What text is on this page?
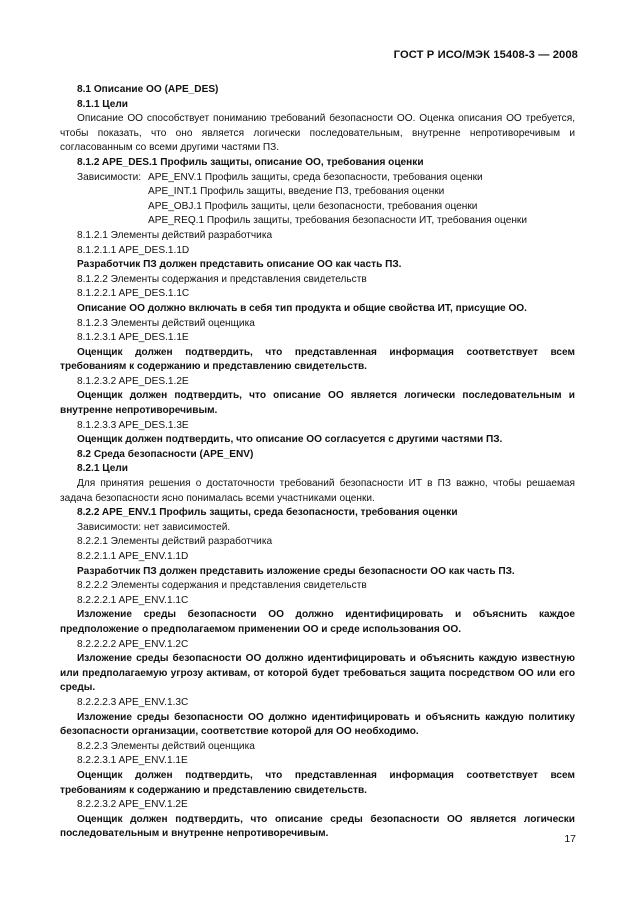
ГОСТ Р ИСО/МЭК 15408-3 — 2008

8.1 Описание ОО (APE_DES)

8.1.1 Цели

Описание ОО способствует пониманию требований безопасности ОО. Оценка описания ОО требуется, чтобы показать, что оно является логически последовательным, внутренне непротиворечивым и согласованным со всеми другими частями ПЗ.

8.1.2 APE_DES.1 Профиль защиты, описание ОО, требования оценки

Зависимости: APE_ENV.1 Профиль защиты, среда безопасности, требования оценки

APE_INT.1 Профиль защиты, введение ПЗ, требования оценки

APE_OBJ.1 Профиль защиты, цели безопасности, требования оценки

APE_REQ.1 Профиль защиты, требования безопасности ИТ, требования оценки

8.1.2.1 Элементы действий разработчика

8.1.2.1.1 APE_DES.1.1D

Разработчик ПЗ должен представить описание ОО как часть ПЗ.

8.1.2.2 Элементы содержания и представления свидетельств

8.1.2.2.1 APE_DES.1.1C

Описание ОО должно включать в себя тип продукта и общие свойства ИТ, присущие ОО.

8.1.2.3 Элементы действий оценщика

8.1.2.3.1 APE_DES.1.1E

Оценщик должен подтвердить, что представленная информация соответствует всем требованиям к содержанию и представлению свидетельств.

8.1.2.3.2 APE_DES.1.2E

Оценщик должен подтвердить, что описание ОО является логически последовательным и внутренне непротиворечивым.

8.1.2.3.3 APE_DES.1.3E

Оценщик должен подтвердить, что описание ОО согласуется с другими частями ПЗ.

8.2 Среда безопасности (APE_ENV)

8.2.1 Цели

Для принятия решения о достаточности требований безопасности ИТ в ПЗ важно, чтобы решаемая задача безопасности ясно понималась всеми участниками оценки.

8.2.2 APE_ENV.1 Профиль защиты, среда безопасности, требования оценки

Зависимости: нет зависимостей.

8.2.2.1 Элементы действий разработчика

8.2.2.1.1 APE_ENV.1.1D

Разработчик ПЗ должен представить изложение среды безопасности ОО как часть ПЗ.

8.2.2.2 Элементы содержания и представления свидетельств

8.2.2.2.1 APE_ENV.1.1C

Изложение среды безопасности ОО должно идентифицировать и объяснить каждое предположение о предполагаемом применении ОО и среде использования ОО.

8.2.2.2.2 APE_ENV.1.2C

Изложение среды безопасности ОО должно идентифицировать и объяснить каждую известную или предполагаемую угрозу активам, от которой будет требоваться защита посредством ОО или его среды.

8.2.2.2.3 APE_ENV.1.3C

Изложение среды безопасности ОО должно идентифицировать и объяснить каждую политику безопасности организации, соответствие которой для ОО необходимо.

8.2.2.3 Элементы действий оценщика

8.2.2.3.1 APE_ENV.1.1E

Оценщик должен подтвердить, что представленная информация соответствует всем требованиям к содержанию и представлению свидетельств.

8.2.2.3.2 APE_ENV.1.2E

Оценщик должен подтвердить, что описание среды безопасности ОО является логически последовательным и внутренне непротиворечивым.	17
